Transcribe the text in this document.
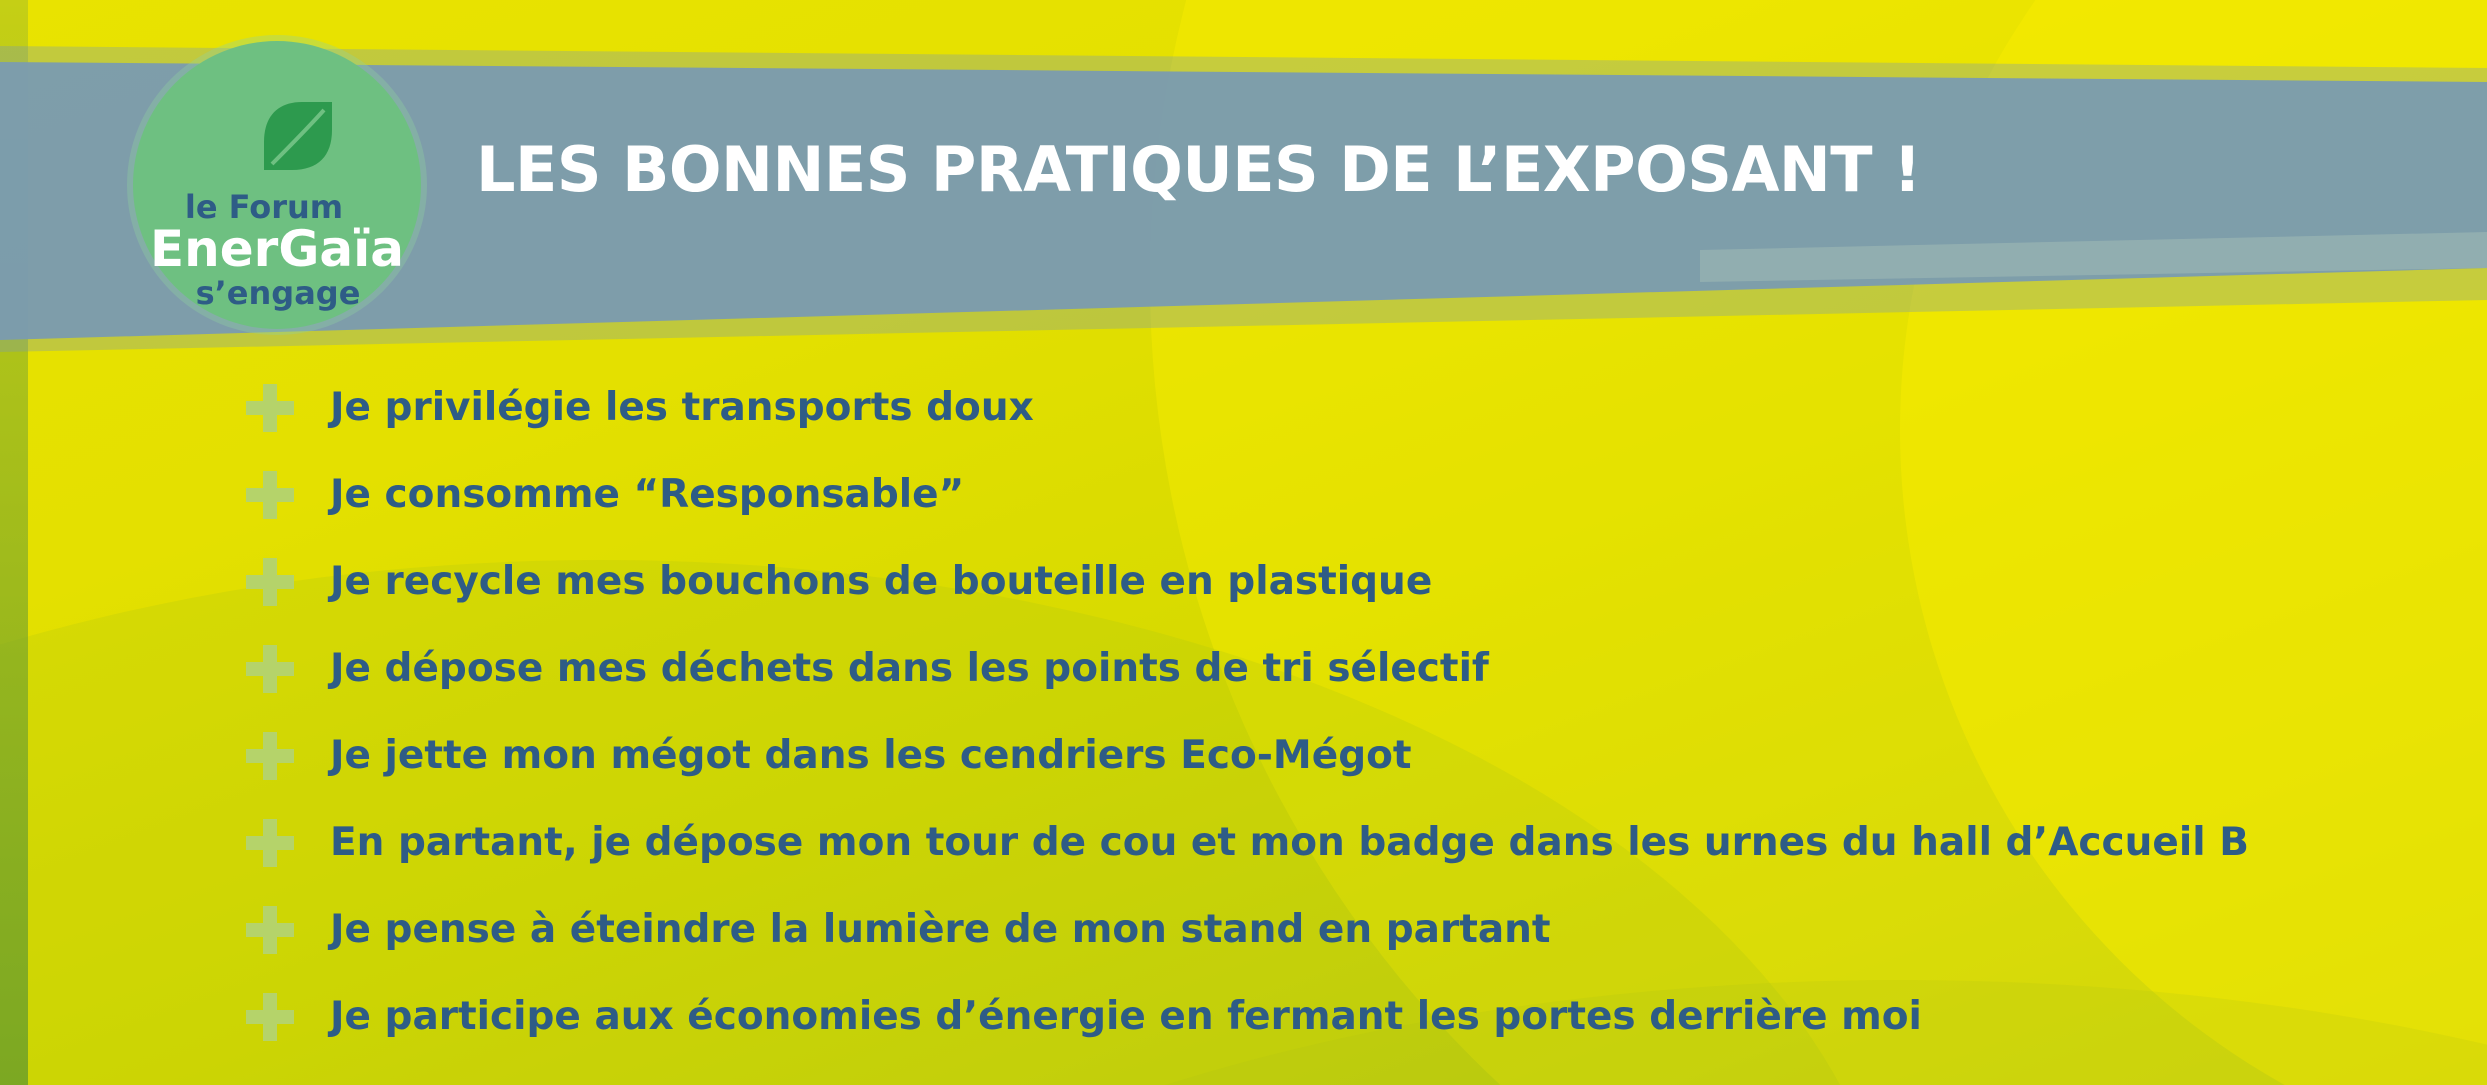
le Forum
EnerGaïa
s’engage
LES BONNES PRATIQUES DE L’EXPOSANT !
Je privilégie les transports doux
Je consomme “Responsable”
Je recycle mes bouchons de bouteille en plastique
Je dépose mes déchets dans les points de tri sélectif
Je jette mon mégot dans les cendriers Eco-Mégot
En partant, je dépose mon tour de cou et mon badge dans les urnes du hall d’Accueil B
Je pense à éteindre la lumière de mon stand en partant
Je participe aux économies d’énergie en fermant les portes derrière moi
